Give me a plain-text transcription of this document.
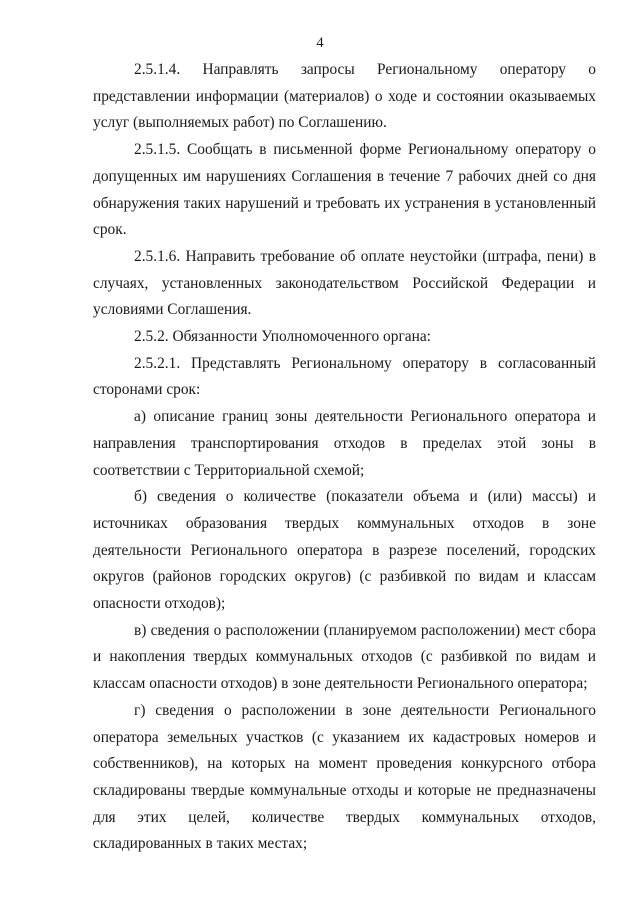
4

2.5.1.4. Направлять запросы Региональному оператору о представлении информации (материалов) о ходе и состоянии оказываемых услуг (выполняемых работ) по Соглашению.

2.5.1.5. Сообщать в письменной форме Региональному оператору о допущенных им нарушениях Соглашения в течение 7 рабочих дней со дня обнаружения таких нарушений и требовать их устранения в установленный срок.

2.5.1.6. Направить требование об оплате неустойки (штрафа, пени) в случаях, установленных законодательством Российской Федерации и условиями Соглашения.

2.5.2. Обязанности Уполномоченного органа:

2.5.2.1. Представлять Региональному оператору в согласованный сторонами срок:

а) описание границ зоны деятельности Регионального оператора и направления транспортирования отходов в пределах этой зоны в соответствии с Территориальной схемой;

б) сведения о количестве (показатели объема и (или) массы) и источниках образования твердых коммунальных отходов в зоне деятельности Регионального оператора в разрезе поселений, городских округов (районов городских округов) (с разбивкой по видам и классам опасности отходов);

в) сведения о расположении (планируемом расположении) мест сбора и накопления твердых коммунальных отходов (с разбивкой по видам и классам опасности отходов) в зоне деятельности Регионального оператора;

г) сведения о расположении в зоне деятельности Регионального оператора земельных участков (с указанием их кадастровых номеров и собственников), на которых на момент проведения конкурсного отбора складированы твердые коммунальные отходы и которые не предназначены для этих целей, количестве твердых коммунальных отходов, складированных в таких местах;
